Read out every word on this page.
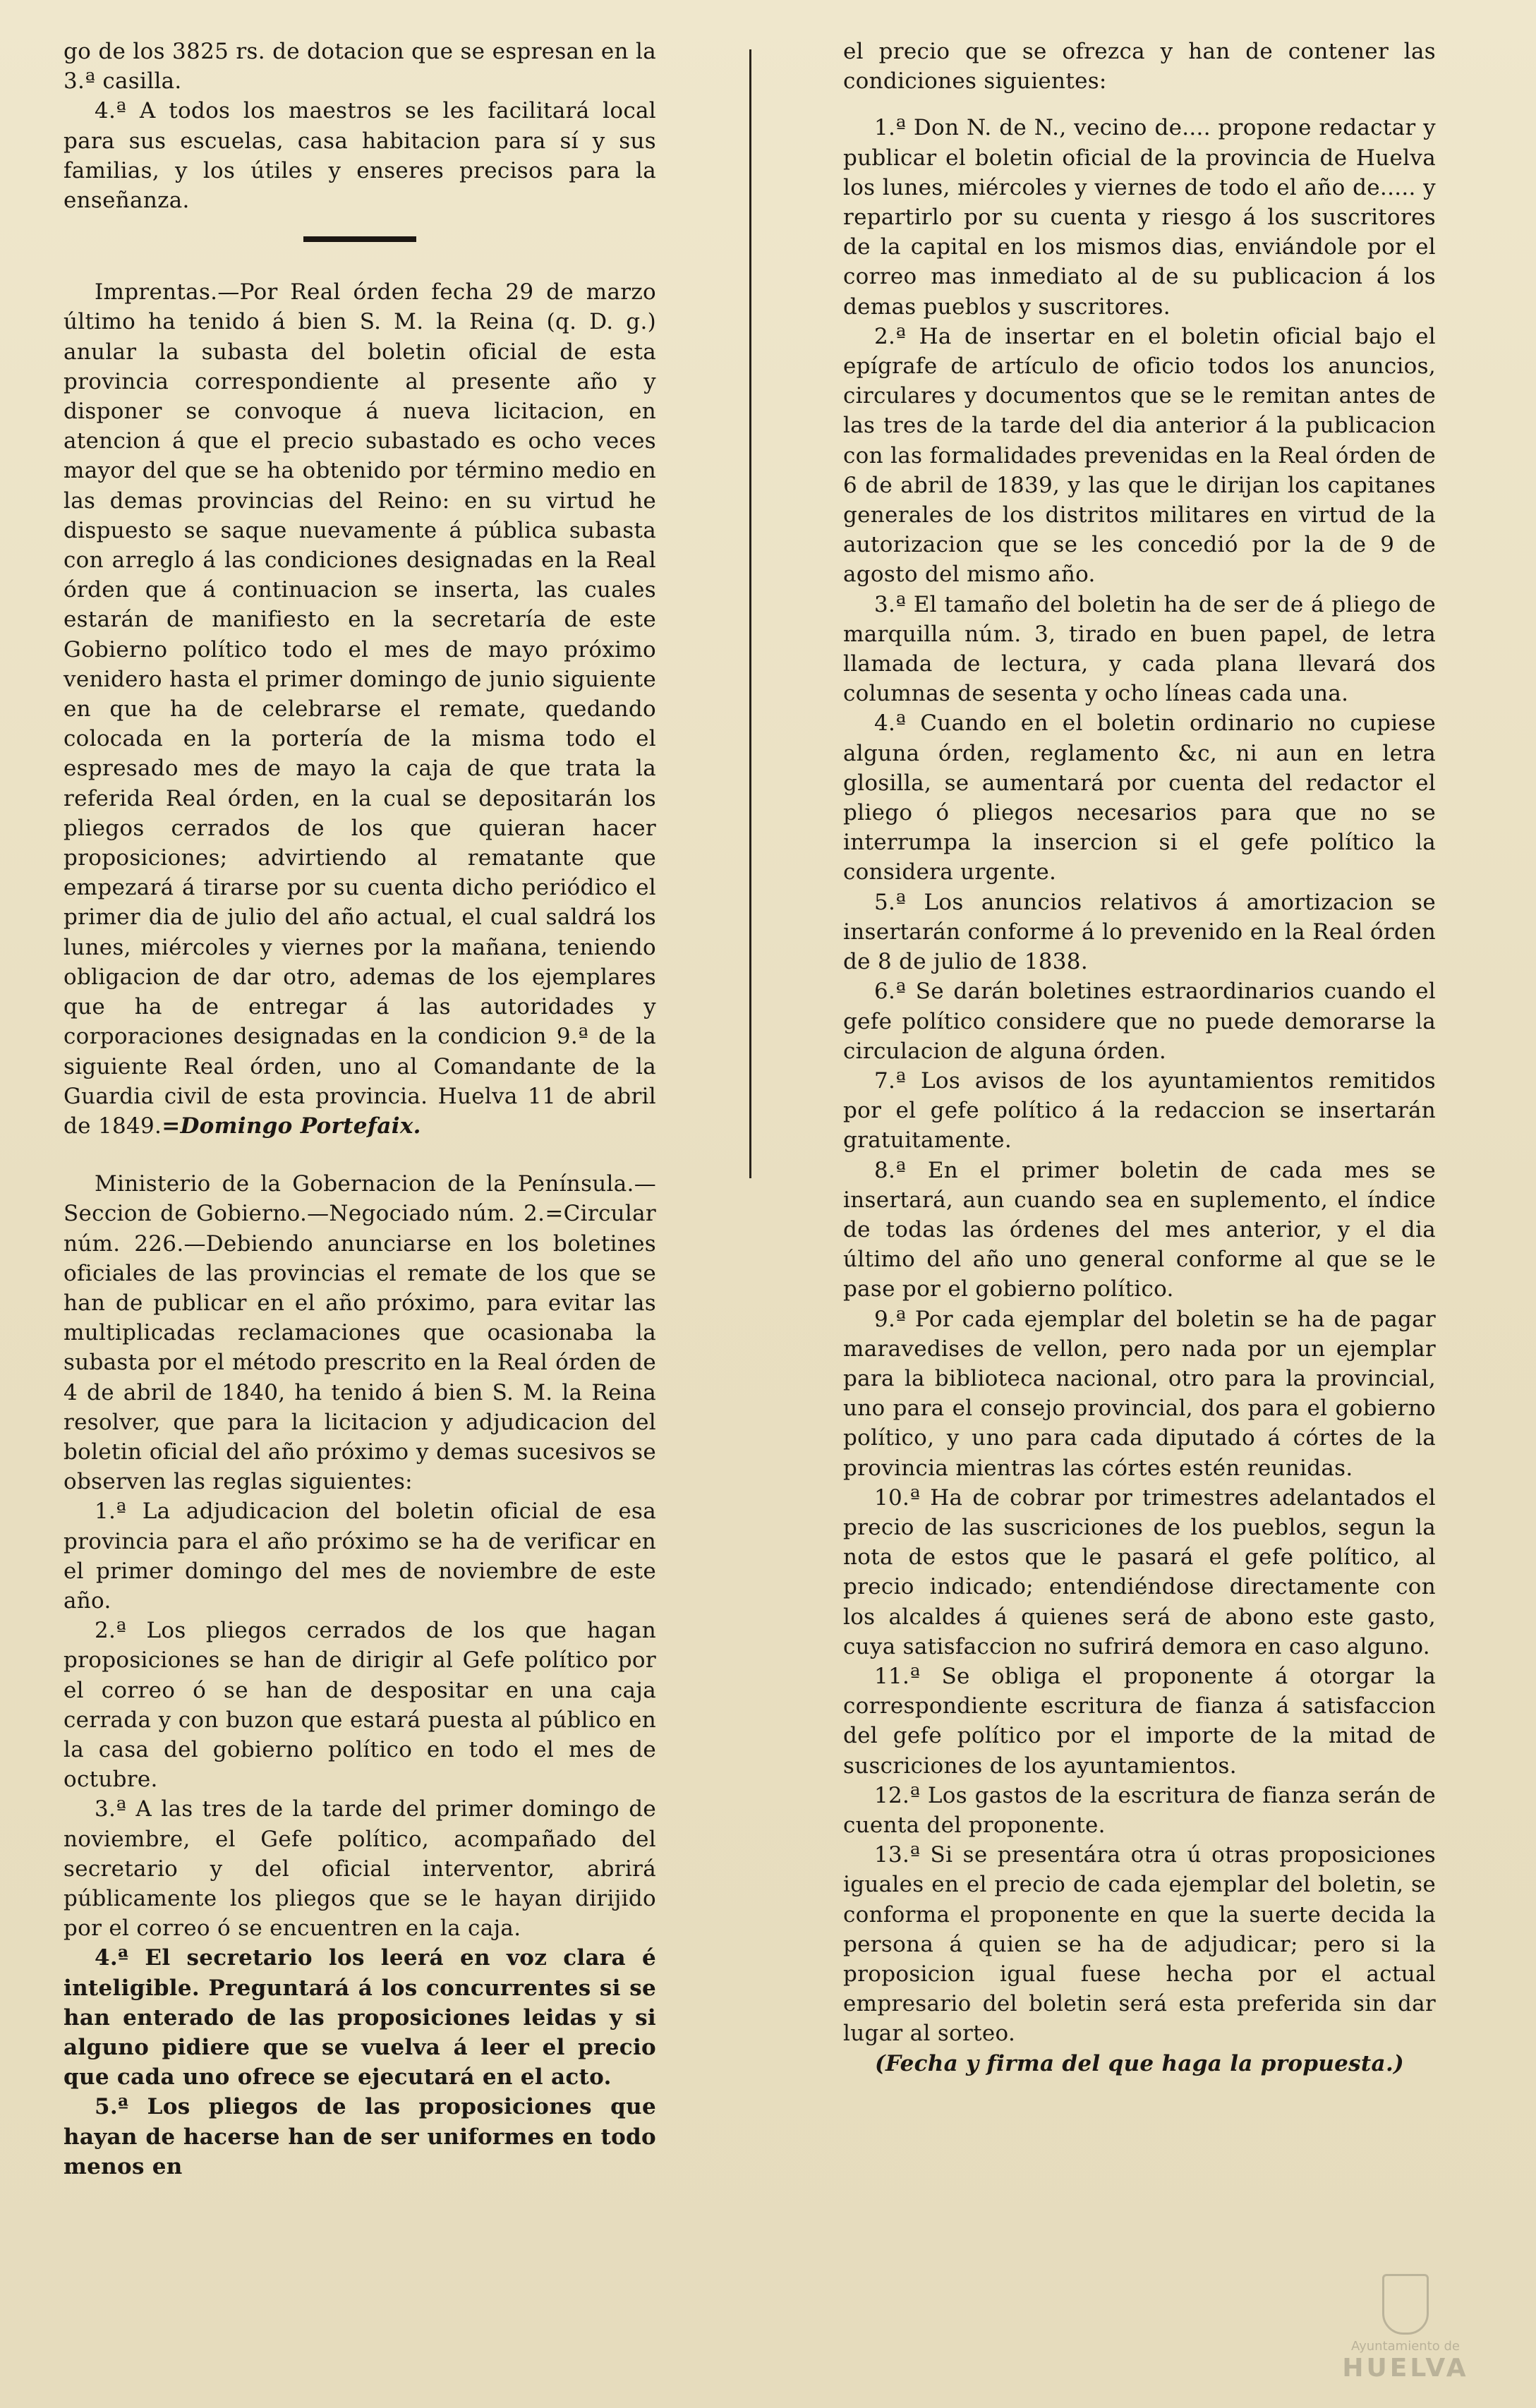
go de los 3825 rs. de dotacion que se espresan en la 3.ª casilla.

4.ª A todos los maestros se les facilitará local para sus escuelas, casa habitacion para sí y sus familias, y los útiles y enseres precisos para la enseñanza.

Imprentas.—Por Real órden fecha 29 de marzo último ha tenido á bien S. M. la Reina (q. D. g.) anular la subasta del boletin oficial de esta provincia correspondiente al presente año y disponer se convoque á nueva licitacion, en atencion á que el precio subastado es ocho veces mayor del que se ha obtenido por término medio en las demas provincias del Reino: en su virtud he dispuesto se saque nuevamente á pública subasta con arreglo á las condiciones designadas en la Real órden que á continuacion se inserta, las cuales estarán de manifiesto en la secretaría de este Gobierno político todo el mes de mayo próximo venidero hasta el primer domingo de junio siguiente en que ha de celebrarse el remate, quedando colocada en la portería de la misma todo el espresado mes de mayo la caja de que trata la referida Real órden, en la cual se depositarán los pliegos cerrados de los que quieran hacer proposiciones; advirtiendo al rematante que empezará á tirarse por su cuenta dicho periódico el primer dia de julio del año actual, el cual saldrá los lunes, miércoles y viernes por la mañana, teniendo obligacion de dar otro, ademas de los ejemplares que ha de entregar á las autoridades y corporaciones designadas en la condicion 9.ª de la siguiente Real órden, uno al Comandante de la Guardia civil de esta provincia. Huelva 11 de abril de 1849.=Domingo Portefaix.

Ministerio de la Gobernacion de la Península.—Seccion de Gobierno.—Negociado núm. 2.=Circular núm. 226.—Debiendo anunciarse en los boletines oficiales de las provincias el remate de los que se han de publicar en el año próximo, para evitar las multiplicadas reclamaciones que ocasionaba la subasta por el método prescrito en la Real órden de 4 de abril de 1840, ha tenido á bien S. M. la Reina resolver, que para la licitacion y adjudicacion del boletin oficial del año próximo y demas sucesivos se observen las reglas siguientes:

1.ª La adjudicacion del boletin oficial de esa provincia para el año próximo se ha de verificar en el primer domingo del mes de noviembre de este año.

2.ª Los pliegos cerrados de los que hagan proposiciones se han de dirigir al Gefe político por el correo ó se han de despositar en una caja cerrada y con buzon que estará puesta al público en la casa del gobierno político en todo el mes de octubre.

3.ª A las tres de la tarde del primer domingo de noviembre, el Gefe político, acompañado del secretario y del oficial interventor, abrirá públicamente los pliegos que se le hayan dirijido por el correo ó se encuentren en la caja.

4.ª El secretario los leerá en voz clara é inteligible. Preguntará á los concurrentes si se han enterado de las proposiciones leidas y si alguno pidiere que se vuelva á leer el precio que cada uno ofrece se ejecutará en el acto.

5.ª Los pliegos de las proposiciones que hayan de hacerse han de ser uniformes en todo menos en

el precio que se ofrezca y han de contener las condiciones siguientes:

1.ª Don N. de N., vecino de.... propone redactar y publicar el boletin oficial de la provincia de Huelva los lunes, miércoles y viernes de todo el año de..... y repartirlo por su cuenta y riesgo á los suscritores de la capital en los mismos dias, enviándole por el correo mas inmediato al de su publicacion á los demas pueblos y suscritores.

2.ª Ha de insertar en el boletin oficial bajo el epígrafe de artículo de oficio todos los anuncios, circulares y documentos que se le remitan antes de las tres de la tarde del dia anterior á la publicacion con las formalidades prevenidas en la Real órden de 6 de abril de 1839, y las que le dirijan los capitanes generales de los distritos militares en virtud de la autorizacion que se les concedió por la de 9 de agosto del mismo año.

3.ª El tamaño del boletin ha de ser de á pliego de marquilla núm. 3, tirado en buen papel, de letra llamada de lectura, y cada plana llevará dos columnas de sesenta y ocho líneas cada una.

4.ª Cuando en el boletin ordinario no cupiese alguna órden, reglamento &c, ni aun en letra glosilla, se aumentará por cuenta del redactor el pliego ó pliegos necesarios para que no se interrumpa la insercion si el gefe político la considera urgente.

5.ª Los anuncios relativos á amortizacion se insertarán conforme á lo prevenido en la Real órden de 8 de julio de 1838.

6.ª Se darán boletines estraordinarios cuando el gefe político considere que no puede demorarse la circulacion de alguna órden.

7.ª Los avisos de los ayuntamientos remitidos por el gefe político á la redaccion se insertarán gratuitamente.

8.ª En el primer boletin de cada mes se insertará, aun cuando sea en suplemento, el índice de todas las órdenes del mes anterior, y el dia último del año uno general conforme al que se le pase por el gobierno político.

9.ª Por cada ejemplar del boletin se ha de pagar maravedises de vellon, pero nada por un ejemplar para la biblioteca nacional, otro para la provincial, uno para el consejo provincial, dos para el gobierno político, y uno para cada diputado á córtes de la provincia mientras las córtes estén reunidas.

10.ª Ha de cobrar por trimestres adelantados el precio de las suscriciones de los pueblos, segun la nota de estos que le pasará el gefe político, al precio indicado; entendiéndose directamente con los alcaldes á quienes será de abono este gasto, cuya satisfaccion no sufrirá demora en caso alguno.

11.ª Se obliga el proponente á otorgar la correspondiente escritura de fianza á satisfaccion del gefe político por el importe de la mitad de suscriciones de los ayuntamientos.

12.ª Los gastos de la escritura de fianza serán de cuenta del proponente.

13.ª Si se presentára otra ú otras proposiciones iguales en el precio de cada ejemplar del boletin, se conforma el proponente en que la suerte decida la persona á quien se ha de adjudicar; pero si la proposicion igual fuese hecha por el actual empresario del boletin será esta preferida sin dar lugar al sorteo.

(Fecha y firma del que haga la propuesta.)

Ayuntamiento de
HUELVA
